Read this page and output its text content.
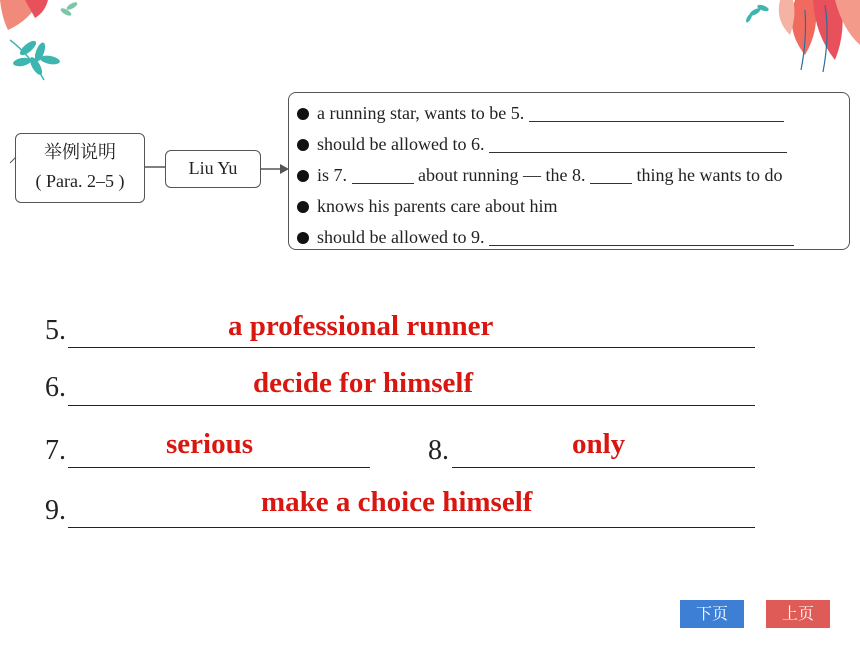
举例说明
( Para. 2–5 )
Liu Yu
a running star, wants to be 5.
should be allowed to 6.
is 7.	about running — the 8.	thing he wants to do
knows his parents care about him
should be allowed to 9.
5.	a professional runner
6.	decide for himself
7.	serious	8.	only
9.	make a choice himself
下页	上页
